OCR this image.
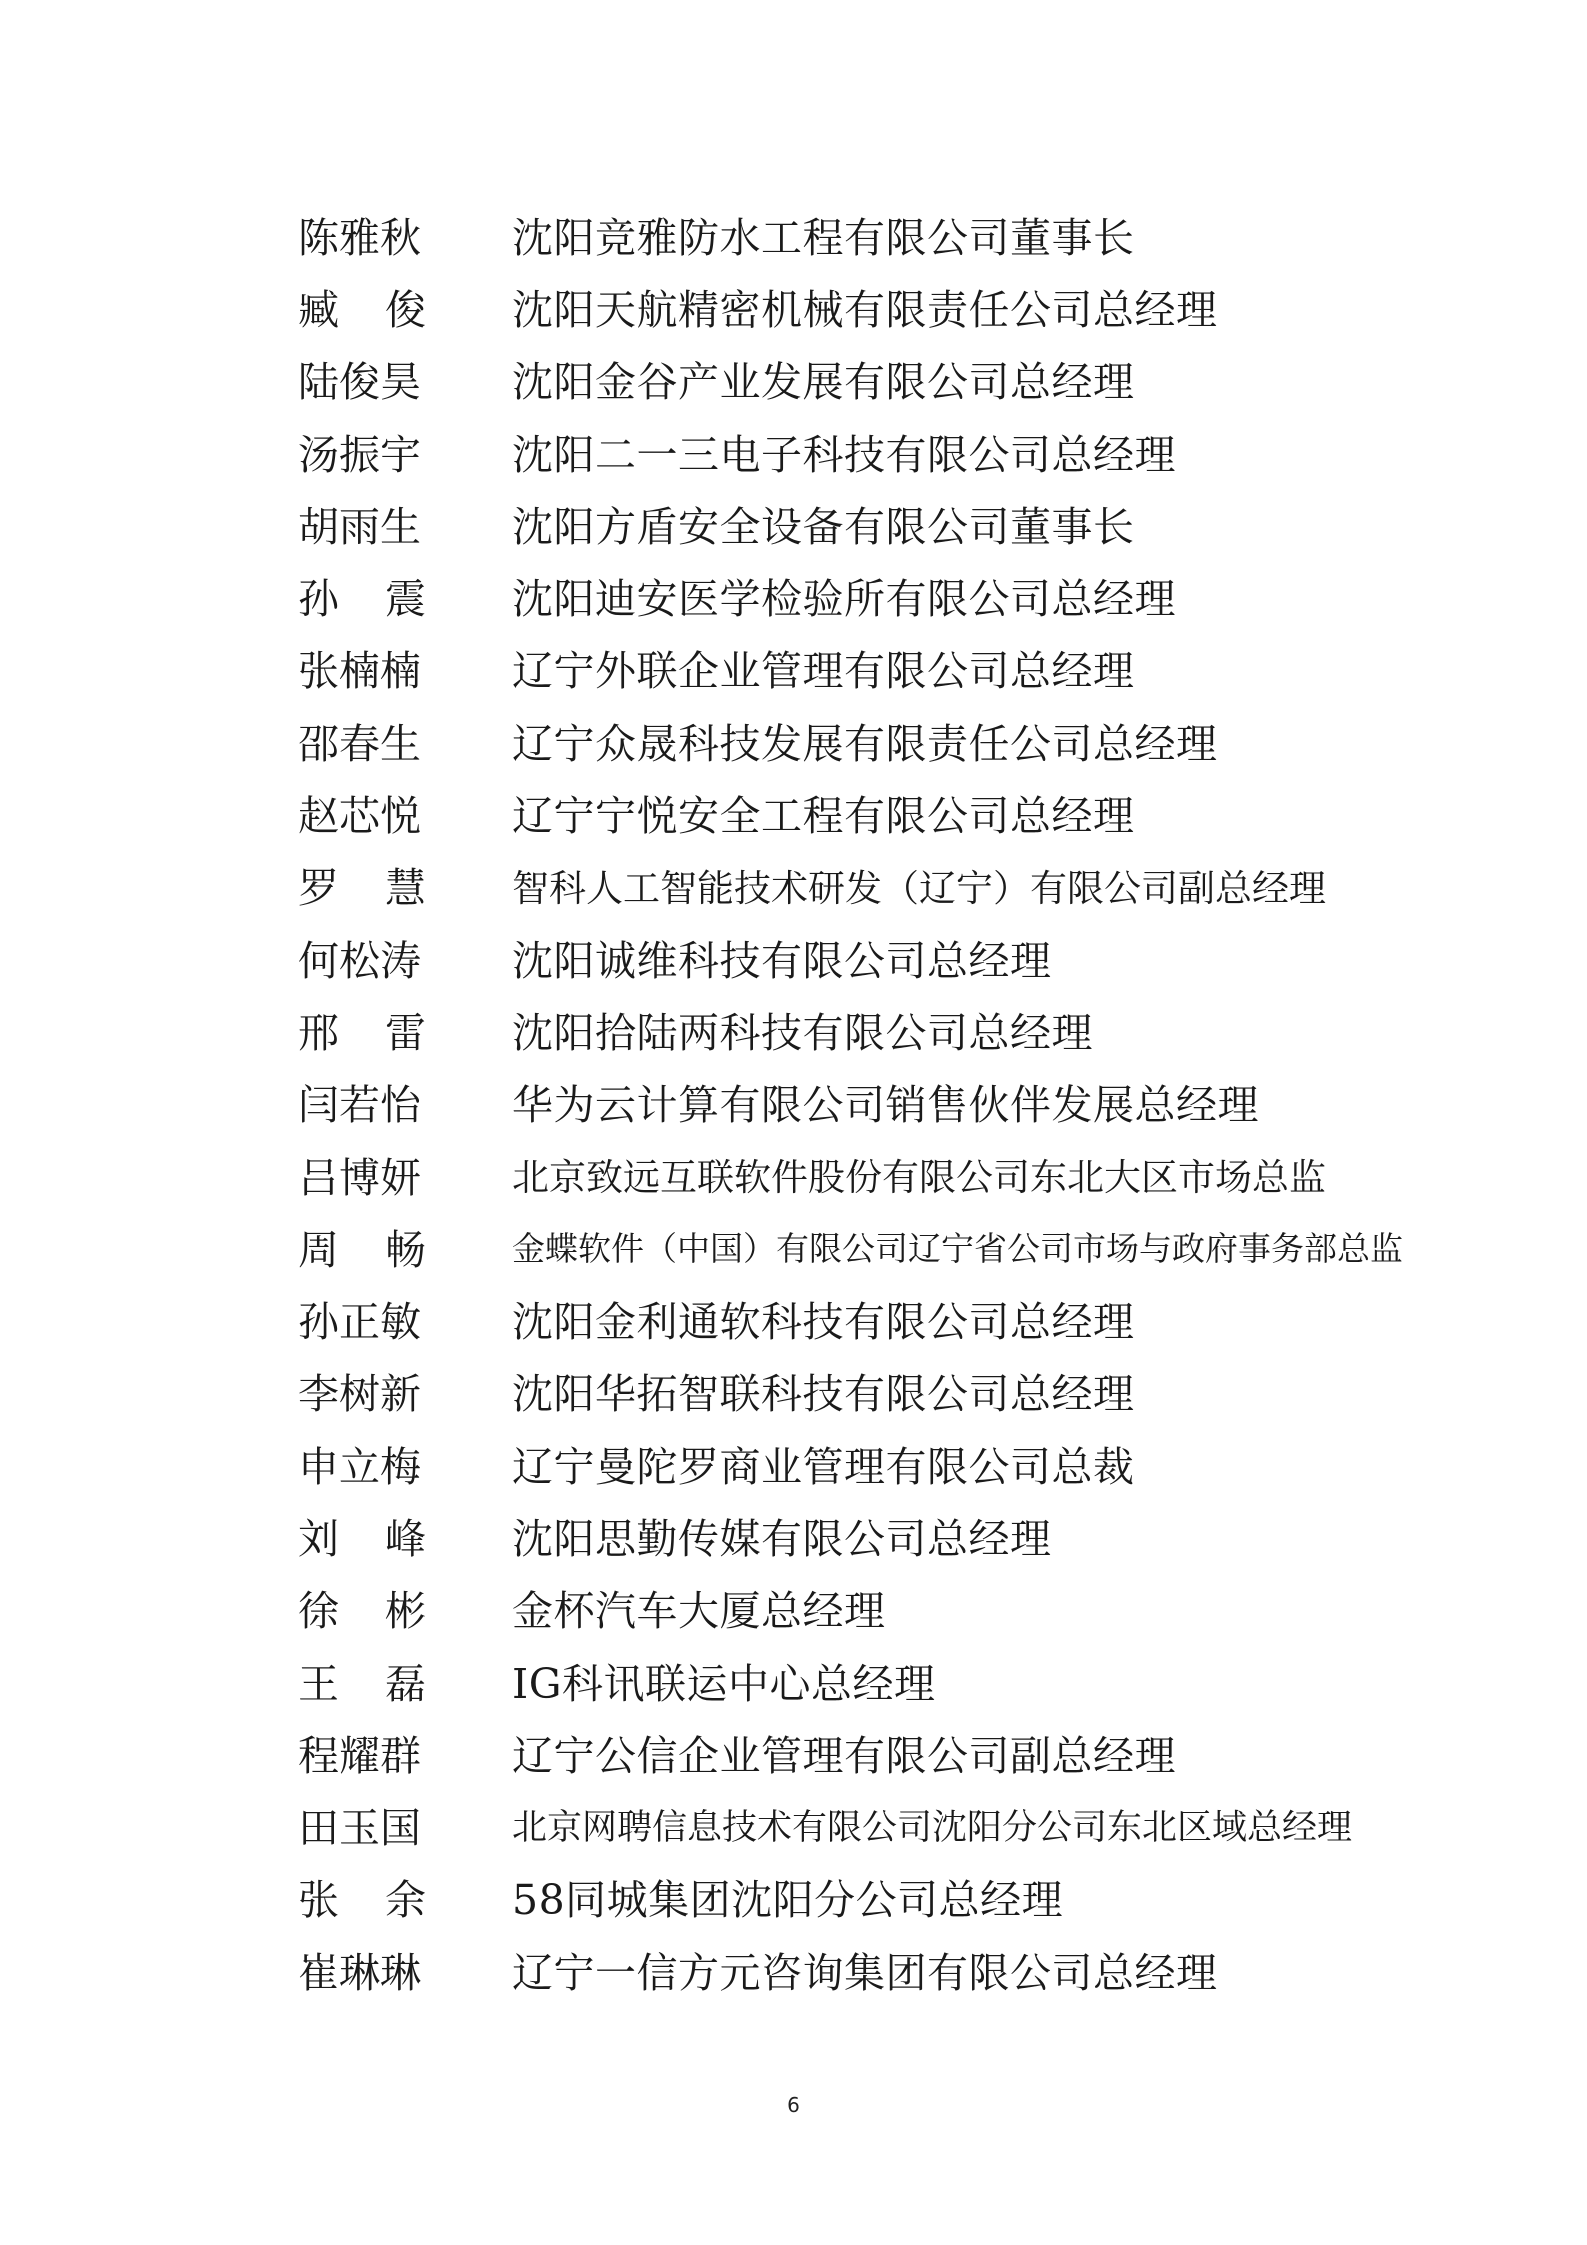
陈雅秋 沈阳竞雅防水工程有限公司董事长
臧 俊 沈阳天航精密机械有限责任公司总经理
陆俊昊 沈阳金谷产业发展有限公司总经理
汤振宇 沈阳二一三电子科技有限公司总经理
胡雨生 沈阳方盾安全设备有限公司董事长
孙 震 沈阳迪安医学检验所有限公司总经理
张楠楠 辽宁外联企业管理有限公司总经理
邵春生 辽宁众晟科技发展有限责任公司总经理
赵芯悦 辽宁宁悦安全工程有限公司总经理
罗 慧 智科人工智能技术研发（辽宁）有限公司副总经理
何松涛 沈阳诚维科技有限公司总经理
邢 雷 沈阳拾陆两科技有限公司总经理
闫若怡 华为云计算有限公司销售伙伴发展总经理
吕博妍 北京致远互联软件股份有限公司东北大区市场总监
周 畅	金蝶软件（中国）有限公司辽宁省公司市场与政府事务部总监
孙正敏 沈阳金利通软科技有限公司总经理
李树新 沈阳华拓智联科技有限公司总经理
申立梅 辽宁曼陀罗商业管理有限公司总裁
刘 峰 沈阳思勤传媒有限公司总经理
徐 彬 金杯汽车大厦总经理
王 磊 IG科讯联运中心总经理
程耀群 辽宁公信企业管理有限公司副总经理
田玉国	北京网聘信息技术有限公司沈阳分公司东北区域总经理
张 余 58同城集团沈阳分公司总经理
崔琳琳 辽宁一信方元咨询集团有限公司总经理
6
